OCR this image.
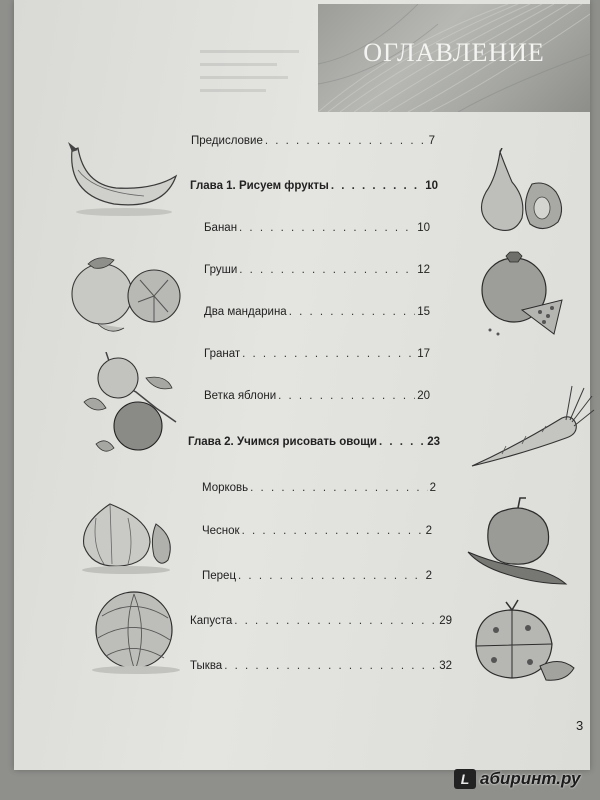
ОГЛАВЛЕНИЕ
Предисловие . . .	7
Глава 1. Рисуем фрукты . . .	10
Банан . . .	10
Груши . . .	12
Два мандарина . . .	15
Гранат . . .	17
Ветка яблони . . .	20
Глава 2. Учимся рисовать овощи . . .	23
Морковь . . .	2
Чеснок . . .	2
Перец . . .	2
Капуста . . .	29
Тыква . . .	32
3
L абиринт.ру
